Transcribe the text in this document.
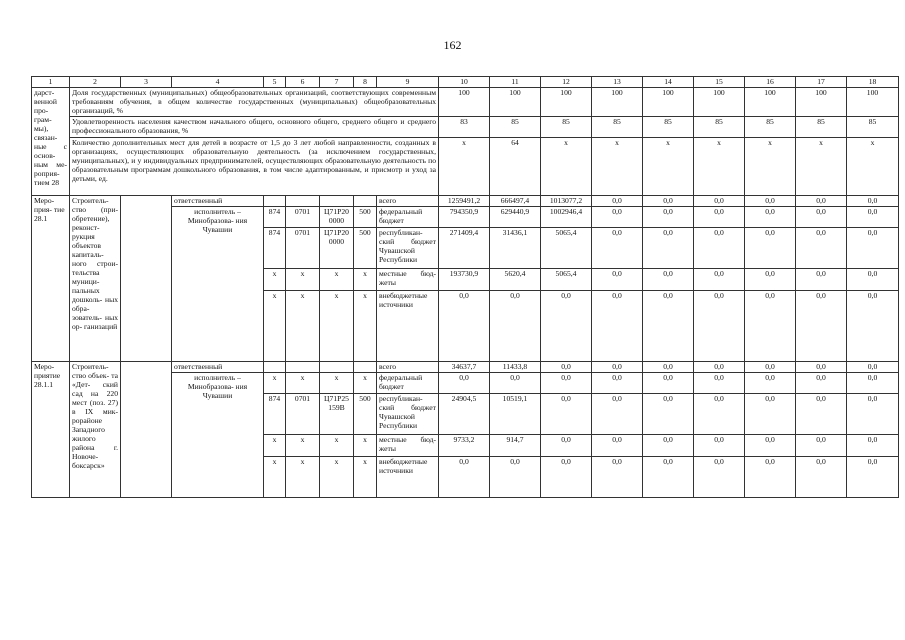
162
1	2	3	4	5	6	7	8	9	10	11	12	13	14	15	16	17	18
дарст- венной про- грам- мы), связан- ные с основ- ным ме- роприя- тием 28	Доля государственных (муниципальных) общеобразовательных организаций, соответствующих современным требованиям обучения, в общем количестве государственных (муниципальных) общеобразовательных организаций, %								100	100	100	100	100	100	100	100	100
	Удовлетворенность населения качеством начального общего, основного общего, среднего общего и среднего профессионального образования, %								83	85	85	85	85	85	85	85	85
	Количество дополнительных мест для детей в возрасте от 1,5 до 3 лет любой направленности, созданных в организациях, осуществляющих образовательную деятельность (за исключением государственных, муниципальных), и у индивидуальных предпринимателей, осуществляющих образовательную деятельность по образовательным программам дошкольного образования, в том числе адаптированным, и присмотр и уход за детьми, ед.								х	64	х	х	х	х	х	х	х
Меро- прия- тие 28.1	Строитель- ство (при- обретение), реконст- рукция объектов капиталь- ного строи- тельства муници- пальных дошколь- ных обра- зователь- ных ор- ганизаций		ответственный					всего	1259491,2	666497,4	1013077,2	0,0	0,0	0,0	0,0	0,0	0,0
			исполнитель – Минобразова- ния Чувашии	874	0701	Ц71Р20 0000	500	федеральный бюджет	794350,9	629440,9	1002946,4	0,0	0,0	0,0	0,0	0,0	0,0
				874	0701	Ц71Р20 0000	500	республикан- ский бюджет Чувашской Республики	271409,4	31436,1	5065,4	0,0	0,0	0,0	0,0	0,0	0,0
				х	х	х	х	местные бюд- жеты	193730,9	5620,4	5065,4	0,0	0,0	0,0	0,0	0,0	0,0
				х	х	х	х	внебюджетные источники	0,0	0,0	0,0	0,0	0,0	0,0	0,0	0,0	0,0
Меро- приятие 28.1.1	Строитель- ство объек- та «Дет- ский сад на 220 мест (поз. 27) в IX мик- рорайоне Западного жилого района г. Новоче- боксарск»		ответственный					всего	34637,7	11433,8	0,0	0,0	0,0	0,0	0,0	0,0	0,0
			исполнитель – Минобразова- ния Чувашии	х	х	х	х	федеральный бюджет	0,0	0,0	0,0	0,0	0,0	0,0	0,0	0,0	0,0
				874	0701	Ц71Р25 159В	500	республикан- ский бюджет Чувашской Республики	24904,5	10519,1	0,0	0,0	0,0	0,0	0,0	0,0	0,0
				х	х	х	х	местные бюд- жеты	9733,2	914,7	0,0	0,0	0,0	0,0	0,0	0,0	0,0
				х	х	х	х	внебюджетные источники	0,0	0,0	0,0	0,0	0,0	0,0	0,0	0,0	0,0
